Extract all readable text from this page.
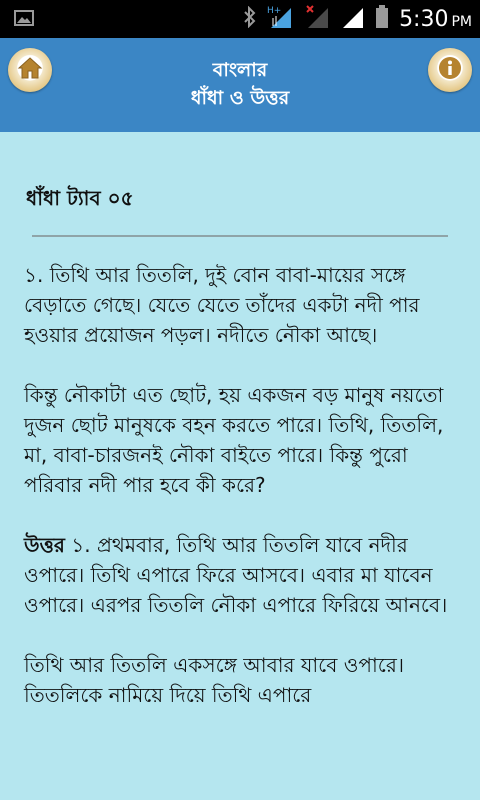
H+	5:30 PM
বাংলার
ধাঁধা ও উত্তর
ধাঁধা ট্যাব ০৫

১. তিথি আর তিতলি, দুই বোন বাবা-মায়ের সঙ্গে বেড়াতে গেছে। যেতে যেতে তাঁদের একটা নদী পার হওয়ার প্রয়োজন পড়ল। নদীতে নৌকা আছে।

কিন্তু নৌকাটা এত ছোট, হয় একজন বড় মানুষ নয়তো দুজন ছোট মানুষকে বহন করতে পারে। তিথি, তিতলি, মা, বাবা-চারজনই নৌকা বাইতে পারে। কিন্তু পুরো পরিবার নদী পার হবে কী করে?

উত্তর ১. প্রথমবার, তিথি আর তিতলি যাবে নদীর ওপারে। তিথি এপারে ফিরে আসবে। এবার মা যাবেন ওপারে। এরপর তিতলি নৌকা এপারে ফিরিয়ে আনবে।

তিথি আর তিতলি একসঙ্গে আবার যাবে ওপারে। তিতলিকে নামিয়ে দিয়ে তিথি এপারে
